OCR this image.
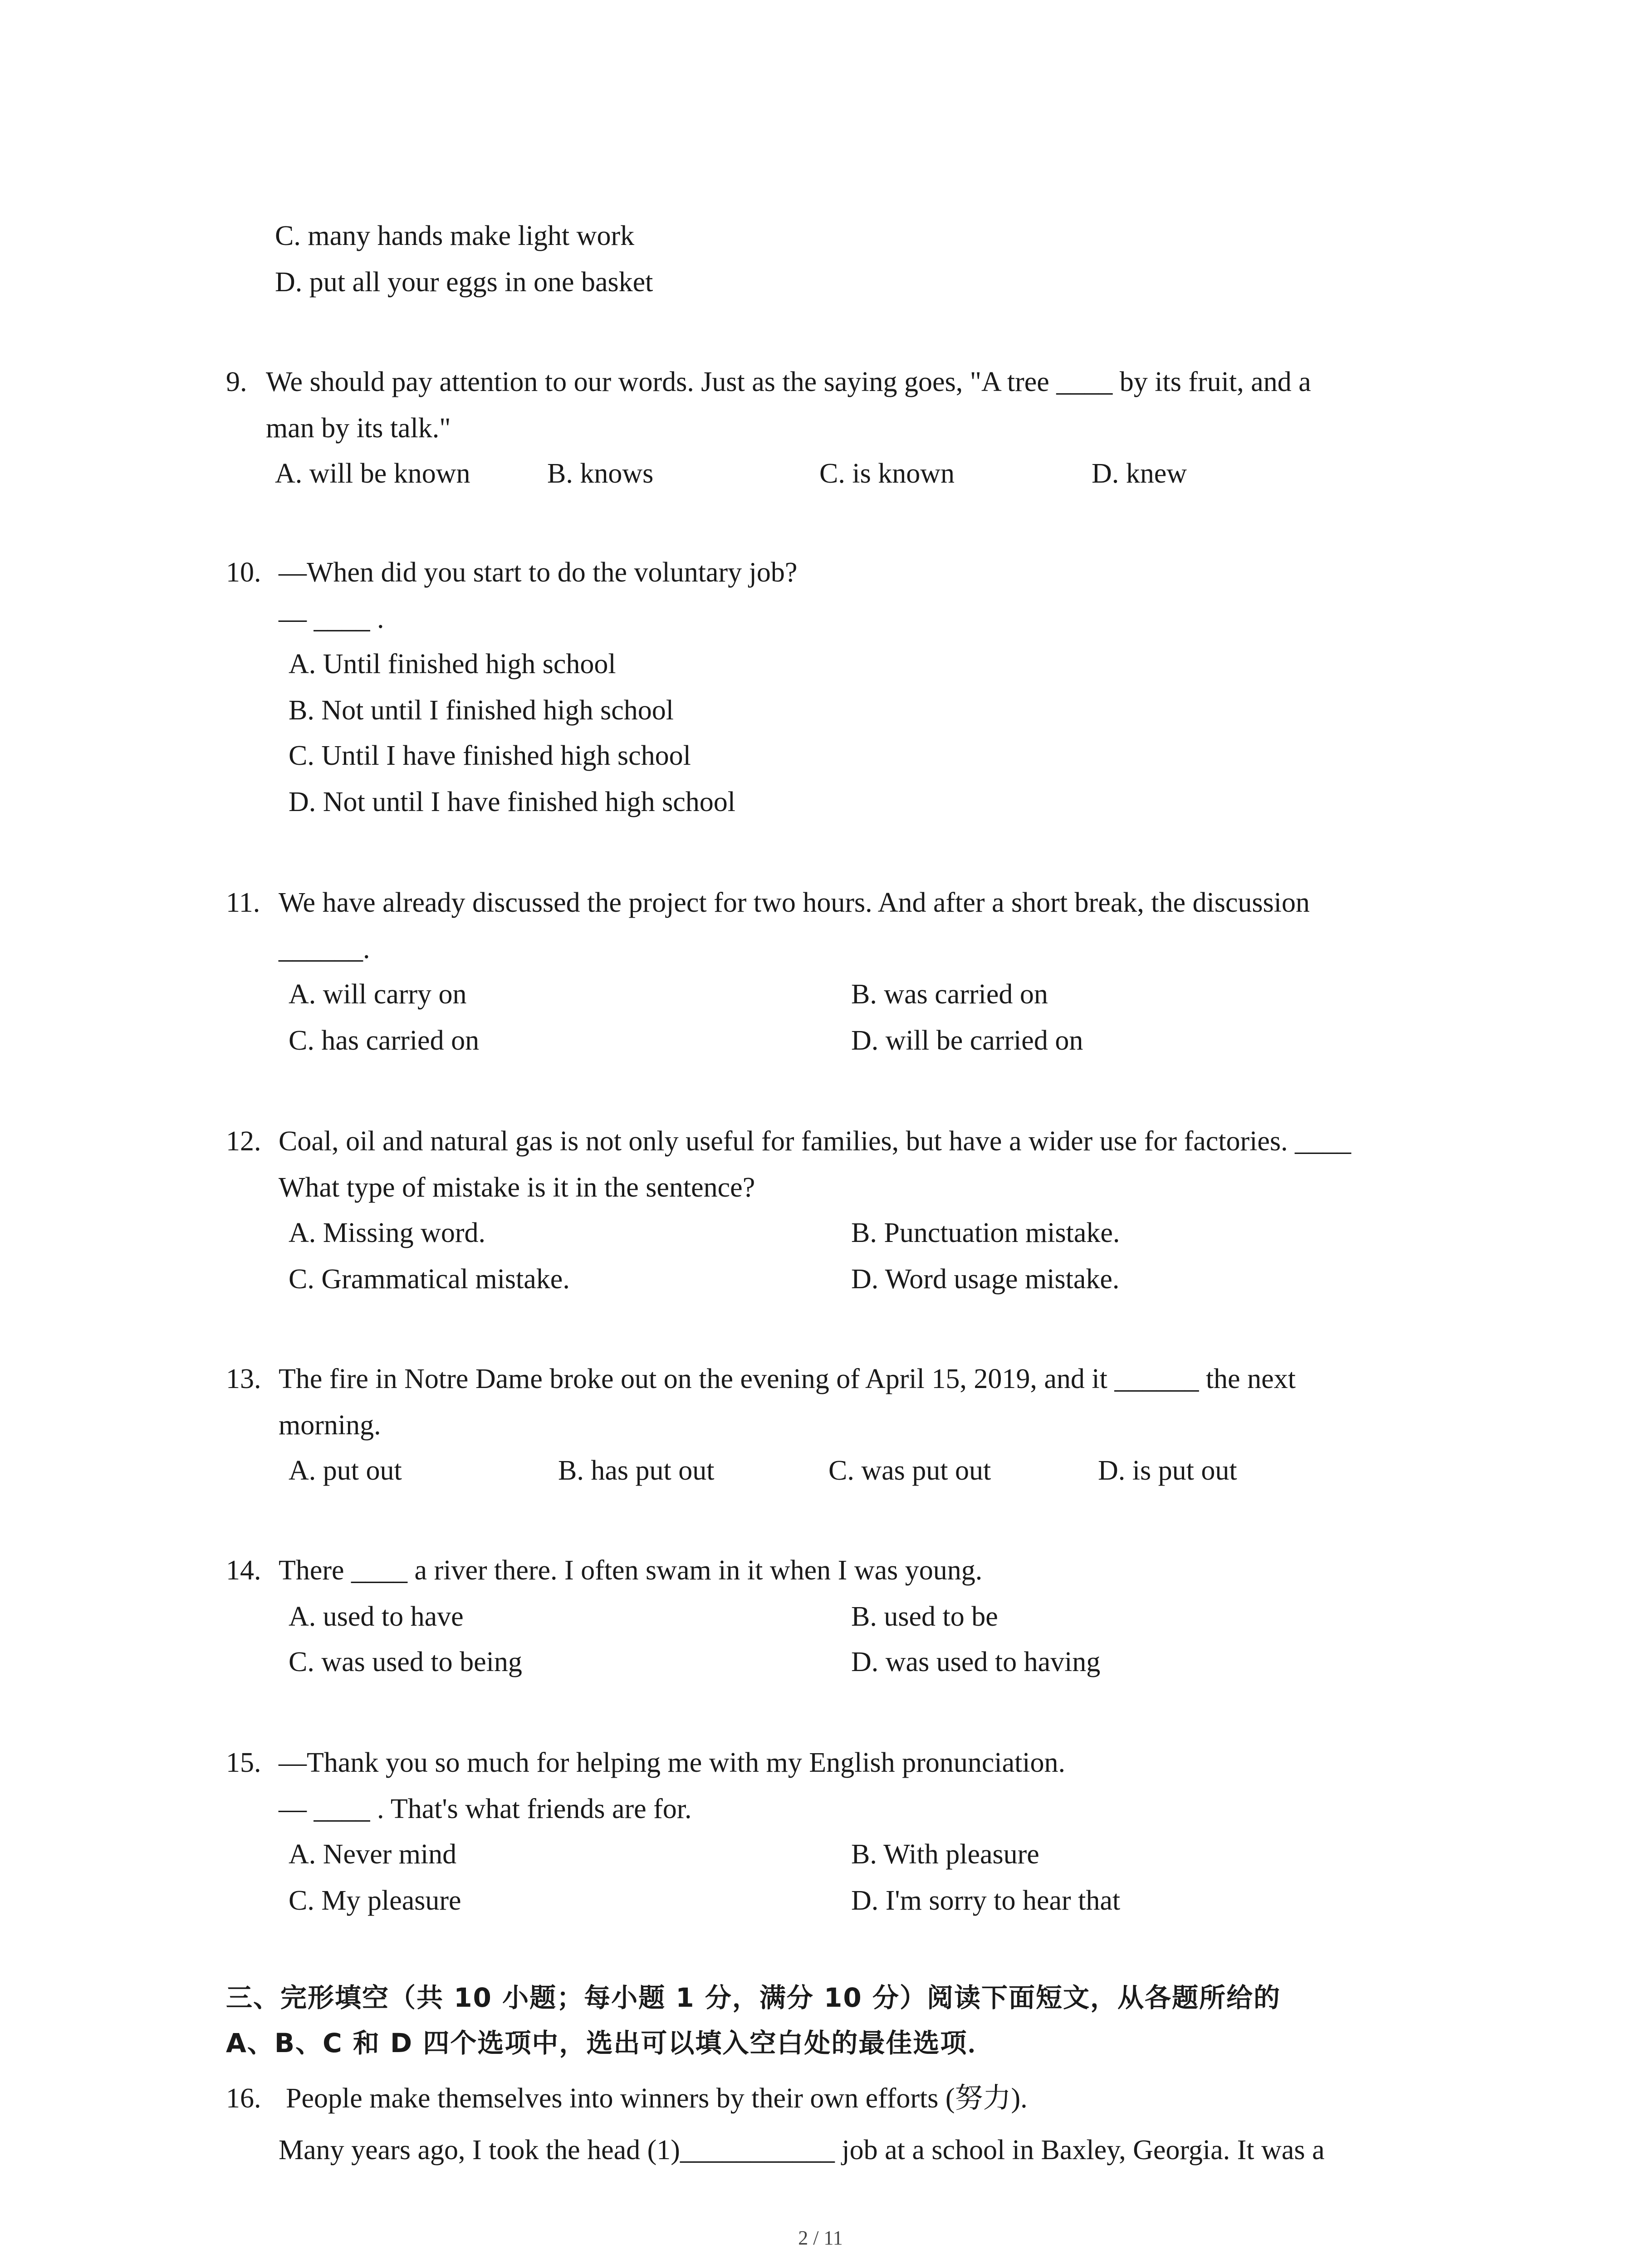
C. many hands make light work
D. put all your eggs in one basket
9. We should pay attention to our words. Just as the saying goes, "A tree ____ by its fruit, and a
man by its talk."
A. will be known	B. knows	C. is known	D. knew
10. —When did you start to do the voluntary job?
— ____ .
A. Until finished high school
B. Not until I finished high school
C. Until I have finished high school
D. Not until I have finished high school
11. We have already discussed the project for two hours. And after a short break, the discussion
______.
A. will carry on	B. was carried on
C. has carried on	D. will be carried on
12. Coal, oil and natural gas is not only useful for families, but have a wider use for factories. ____
What type of mistake is it in the sentence?
A. Missing word.	B. Punctuation mistake.
C. Grammatical mistake.	D. Word usage mistake.
13. The fire in Notre Dame broke out on the evening of April 15, 2019, and it ______ the next
morning.
A. put out	B. has put out	C. was put out	D. is put out
14. There ____ a river there. I often swam in it when I was young.
A. used to have	B. used to be
C. was used to being	D. was used to having
15. —Thank you so much for helping me with my English pronunciation.
— ____ . That's what friends are for.
A. Never mind	B. With pleasure
C. My pleasure	D. I'm sorry to hear that
三、完形填空（共 10 小题；每小题 1 分，满分 10 分）阅读下面短文，从各题所给的
A、B、C 和 D 四个选项中，选出可以填入空白处的最佳选项．
16. People make themselves into winners by their own efforts (努力).
Many years ago, I took the head (1)___________ job at a school in Baxley, Georgia. It was a
2 / 11
